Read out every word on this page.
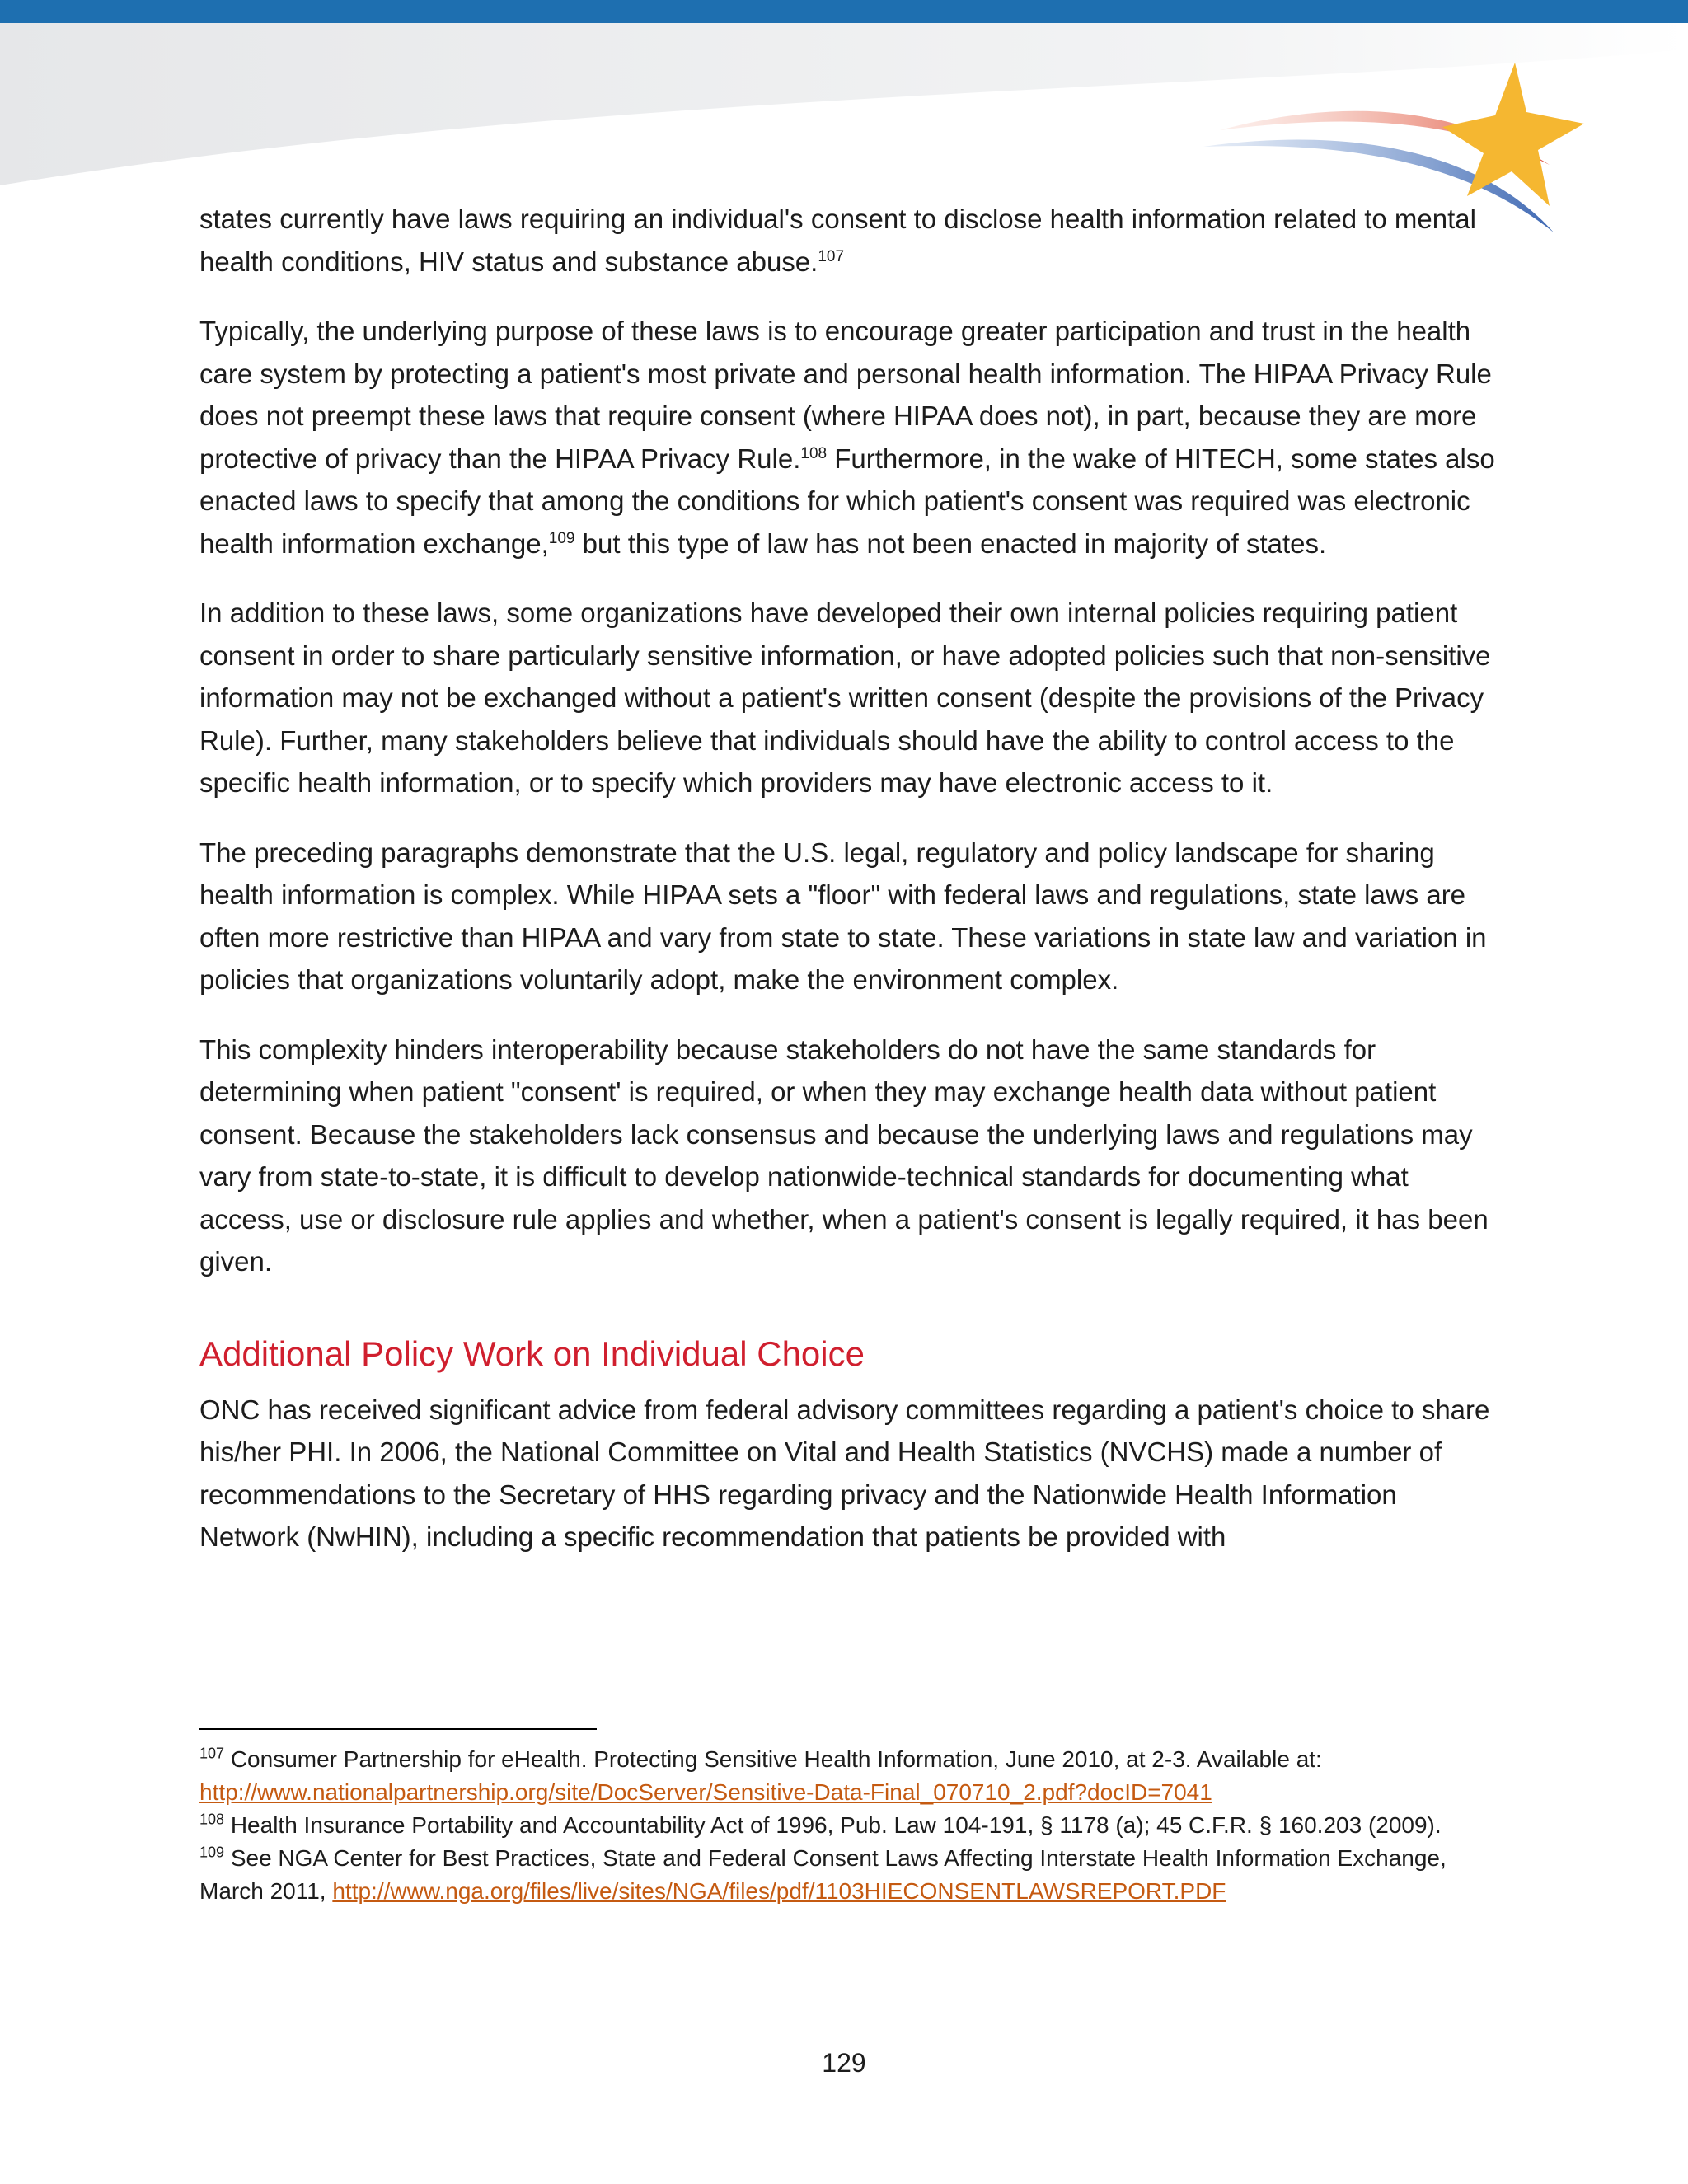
states currently have laws requiring an individual's consent to disclose health information related to mental health conditions, HIV status and substance abuse.$^{107}$

Typically, the underlying purpose of these laws is to encourage greater participation and trust in the health care system by protecting a patient's most private and personal health information. The HIPAA Privacy Rule does not preempt these laws that require consent (where HIPAA does not), in part, because they are more protective of privacy than the HIPAA Privacy Rule.$^{108}$ Furthermore, in the wake of HITECH, some states also enacted laws to specify that among the conditions for which patient's consent was required was electronic health information exchange,$^{109}$ but this type of law has not been enacted in majority of states.

In addition to these laws, some organizations have developed their own internal policies requiring patient consent in order to share particularly sensitive information, or have adopted policies such that non-sensitive information may not be exchanged without a patient's written consent (despite the provisions of the Privacy Rule). Further, many stakeholders believe that individuals should have the ability to control access to the specific health information, or to specify which providers may have electronic access to it.

The preceding paragraphs demonstrate that the U.S. legal, regulatory and policy landscape for sharing health information is complex. While HIPAA sets a "floor" with federal laws and regulations, state laws are often more restrictive than HIPAA and vary from state to state. These variations in state law and variation in policies that organizations voluntarily adopt, make the environment complex.

This complexity hinders interoperability because stakeholders do not have the same standards for determining when patient "consent' is required, or when they may exchange health data without patient consent. Because the stakeholders lack consensus and because the underlying laws and regulations may vary from state-to-state, it is difficult to develop nationwide-technical standards for documenting what access, use or disclosure rule applies and whether, when a patient's consent is legally required, it has been given.

Additional Policy Work on Individual Choice

ONC has received significant advice from federal advisory committees regarding a patient's choice to share his/her PHI. In 2006, the National Committee on Vital and Health Statistics (NVCHS) made a number of recommendations to the Secretary of HHS regarding privacy and the Nationwide Health Information Network (NwHIN), including a specific recommendation that patients be provided with

$^{107}$ Consumer Partnership for eHealth. Protecting Sensitive Health Information, June 2010, at 2-3. Available at: http://www.nationalpartnership.org/site/DocServer/Sensitive-Data-Final_070710_2.pdf?docID=7041

$^{108}$ Health Insurance Portability and Accountability Act of 1996, Pub. Law 104-191, § 1178 (a); 45 C.F.R. § 160.203 (2009).

$^{109}$ See NGA Center for Best Practices, State and Federal Consent Laws Affecting Interstate Health Information Exchange, March 2011, http://www.nga.org/files/live/sites/NGA/files/pdf/1103HIECONSENTLAWSREPORT.PDF

129
